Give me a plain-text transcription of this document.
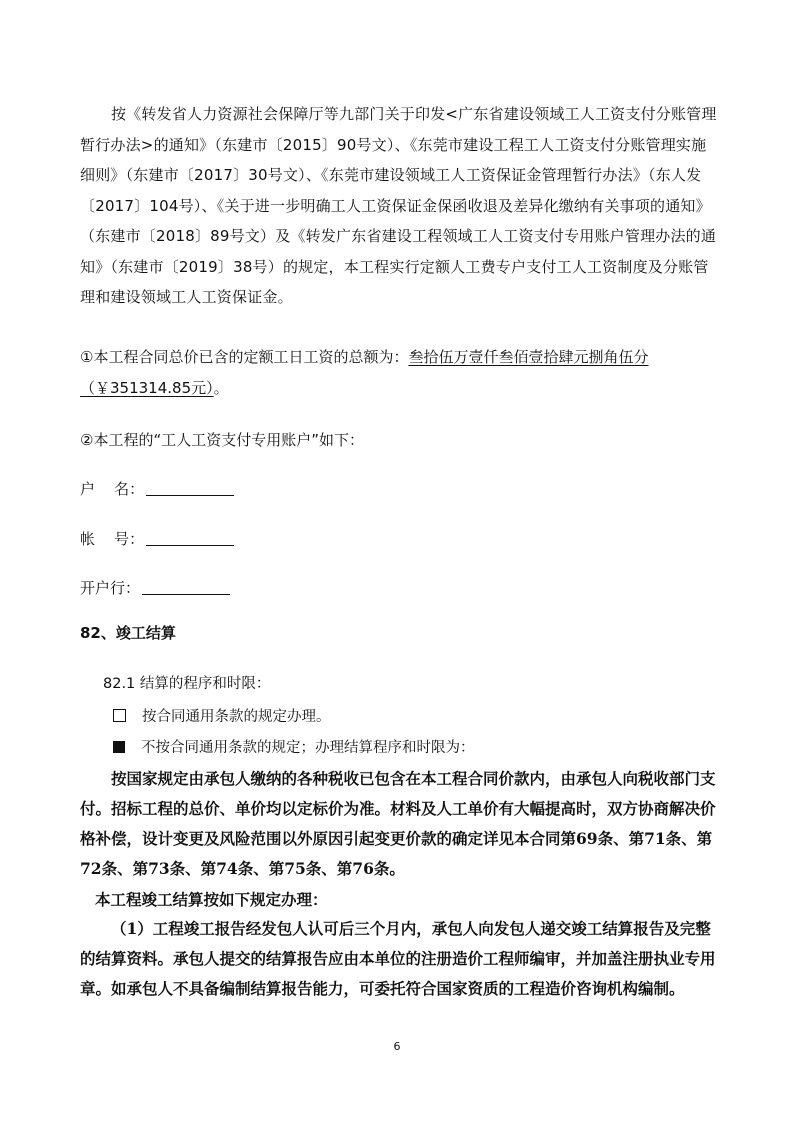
按《转发省人力资源社会保障厅等九部门关于印发<广东省建设领域工人工资支付分账管理暂行办法>的通知》（东建市〔2015〕90号文）、《东莞市建设工程工人工资支付分账管理实施细则》（东建市〔2017〕30号文）、《东莞市建设领域工人工资保证金管理暂行办法》（东人发〔2017〕104号）、《关于进一步明确工人工资保证金保函收退及差异化缴纳有关事项的通知》（东建市〔2018〕89号文）及《转发广东省建设工程领域工人工资支付专用账户管理办法的通知》（东建市〔2019〕38号）的规定，本工程实行定额人工费专户支付工人工资制度及分账管理和建设领域工人工资保证金。

①本工程合同总价已含的定额工日工资的总额为：叁拾伍万壹仟叁佰壹拾肆元捌角伍分
（￥351314.85元）。
②本工程的“工人工资支付专用账户”如下：
户    名：
帐    号：
开户行：
82、竣工结算
82.1 结算的程序和时限：
按合同通用条款的规定办理。
不按合同通用条款的规定；办理结算程序和时限为：

按国家规定由承包人缴纳的各种税收已包含在本工程合同价款内，由承包人向税收部门支付。招标工程的总价、单价均以定标价为准。材料及人工单价有大幅提高时，双方协商解决价格补偿，设计变更及风险范围以外原因引起变更价款的确定详见本合同第69条、第71条、第72条、第73条、第74条、第75条、第76条。

本工程竣工结算按如下规定办理：

（1）工程竣工报告经发包人认可后三个月内，承包人向发包人递交竣工结算报告及完整的结算资料。承包人提交的结算报告应由本单位的注册造价工程师编审，并加盖注册执业专用章。如承包人不具备编制结算报告能力，可委托符合国家资质的工程造价咨询机构编制。

6
